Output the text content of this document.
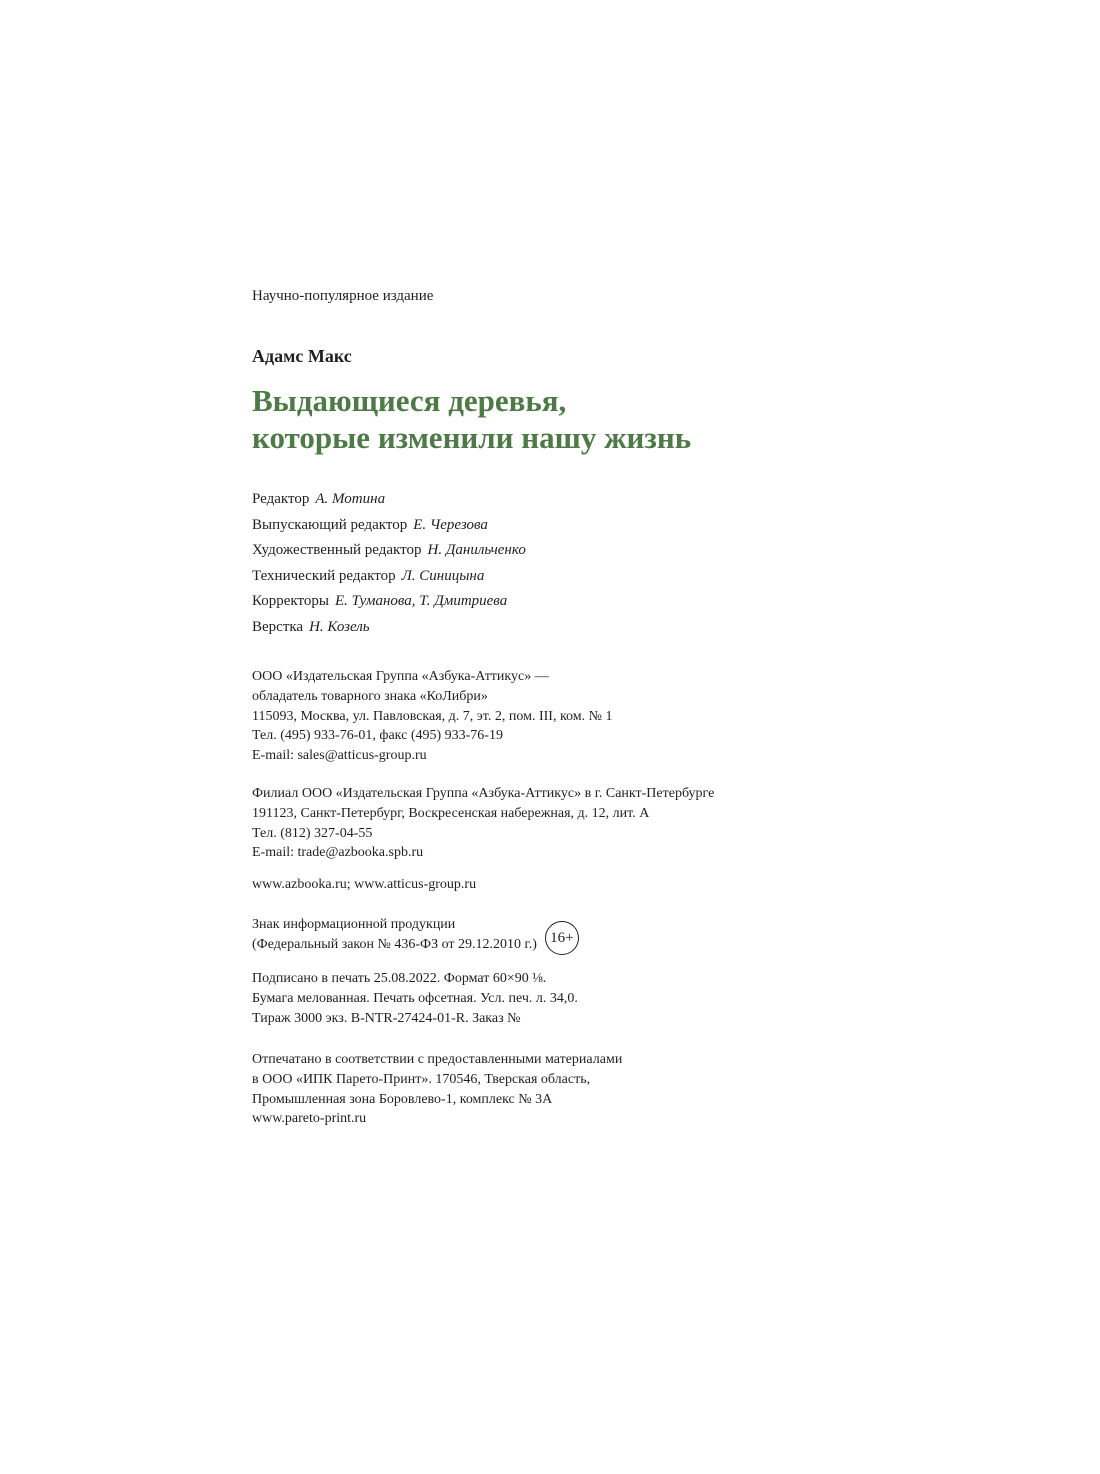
Научно-популярное издание
Адамс Макс
Выдающиеся деревья,
которые изменили нашу жизнь
Редактор А. Мотина
Выпускающий редактор Е. Черезова
Художественный редактор Н. Данильченко
Технический редактор Л. Синицына
Корректоры Е. Туманова, Т. Дмитриева
Верстка Н. Козель
ООО «Издательская Группа «Азбука-Аттикус» —
обладатель товарного знака «КоЛибри»
115093, Москва, ул. Павловская, д. 7, эт. 2, пом. III, ком. № 1
Тел. (495) 933-76-01, факс (495) 933-76-19
E-mail: sales@atticus-group.ru
Филиал ООО «Издательская Группа «Азбука-Аттикус» в г. Санкт-Петербурге
191123, Санкт-Петербург, Воскресенская набережная, д. 12, лит. А
Тел. (812) 327-04-55
E-mail: trade@azbooka.spb.ru
www.azbooka.ru; www.atticus-group.ru
Знак информационной продукции
(Федеральный закон № 436-ФЗ от 29.12.2010 г.) 16+
Подписано в печать 25.08.2022. Формат 60×90 ⅛.
Бумага мелованная. Печать офсетная. Усл. печ. л. 34,0.
Тираж 3000 экз. B-NTR-27424-01-R. Заказ №
Отпечатано в соответствии с предоставленными материалами
в ООО «ИПК Парето-Принт». 170546, Тверская область,
Промышленная зона Боровлево-1, комплекс № 3А
www.pareto-print.ru
